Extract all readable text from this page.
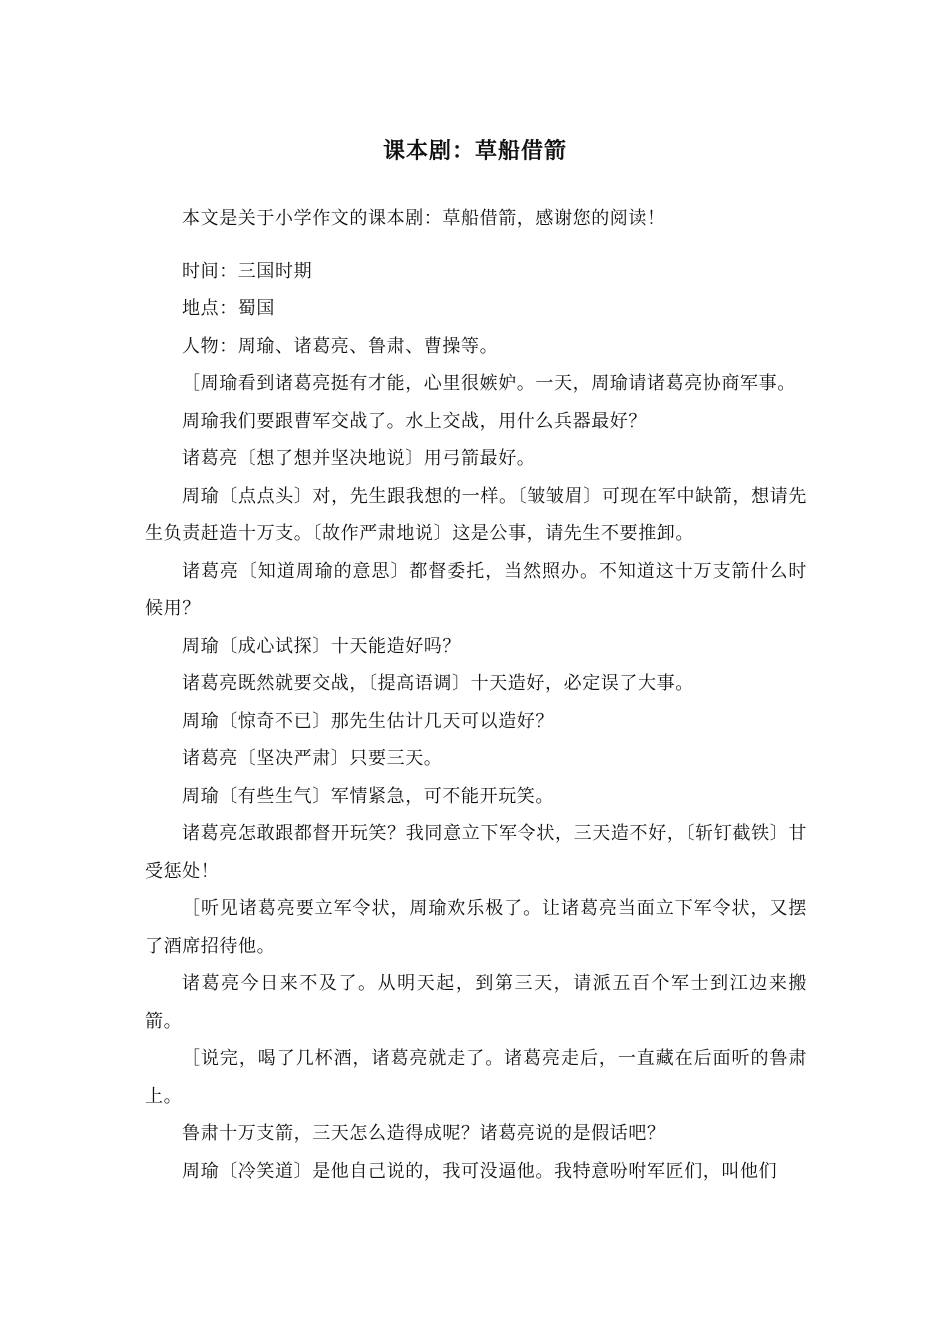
课本剧：草船借箭

本文是关于小学作文的课本剧：草船借箭，感谢您的阅读！

时间：三国时期

地点：蜀国

人物：周瑜、诸葛亮、鲁肃、曹操等。

［周瑜看到诸葛亮挺有才能，心里很嫉妒。一天，周瑜请诸葛亮协商军事。

周瑜我们要跟曹军交战了。水上交战，用什么兵器最好？

诸葛亮〔想了想并坚决地说〕用弓箭最好。

周瑜〔点点头〕对，先生跟我想的一样。〔皱皱眉〕可现在军中缺箭，想请先生负责赶造十万支。〔故作严肃地说〕这是公事，请先生不要推卸。

诸葛亮〔知道周瑜的意思〕都督委托，当然照办。不知道这十万支箭什么时候用？

周瑜〔成心试探〕十天能造好吗？

诸葛亮既然就要交战，〔提高语调〕十天造好，必定误了大事。

周瑜〔惊奇不已〕那先生估计几天可以造好？

诸葛亮〔坚决严肃〕只要三天。

周瑜〔有些生气〕军情紧急，可不能开玩笑。

诸葛亮怎敢跟都督开玩笑？我同意立下军令状，三天造不好，〔斩钉截铁〕甘受惩处！

［听见诸葛亮要立军令状，周瑜欢乐极了。让诸葛亮当面立下军令状，又摆了酒席招待他。

诸葛亮今日来不及了。从明天起，到第三天，请派五百个军士到江边来搬箭。

［说完，喝了几杯酒，诸葛亮就走了。诸葛亮走后，一直藏在后面听的鲁肃上。

鲁肃十万支箭，三天怎么造得成呢？诸葛亮说的是假话吧？

周瑜〔冷笑道〕是他自己说的，我可没逼他。我特意吩咐军匠们，叫他们
